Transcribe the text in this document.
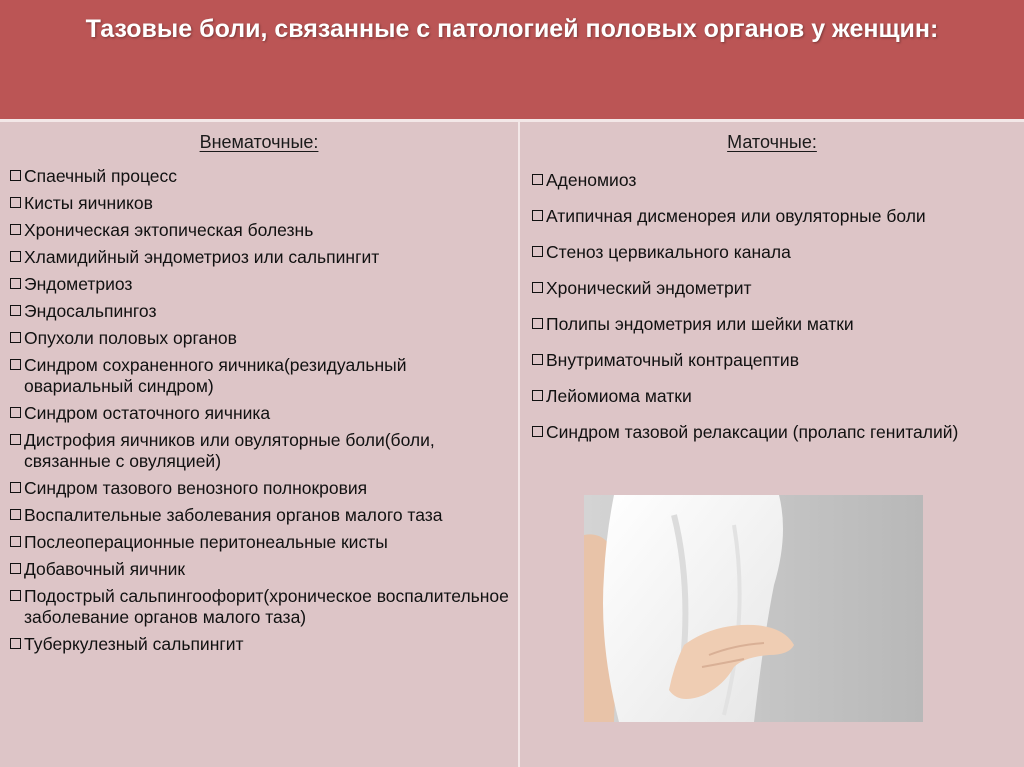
Тазовые боли, связанные с патологией половых органов у женщин:
Внематочные:
Спаечный процесс
Кисты яичников
Хроническая эктопическая болезнь
Хламидийный эндометриоз или сальпингит
Эндометриоз
Эндосальпингоз
Опухоли половых органов
Синдром сохраненного яичника(резидуальный овариальный синдром)
Синдром остаточного яичника
Дистрофия яичников или овуляторные боли(боли, связанные с овуляцией)
Синдром тазового венозного полнокровия
Воспалительные заболевания органов малого таза
Послеоперационные перитонеальные кисты
Добавочный яичник
Подострый сальпингоофорит(хроническое воспалительное заболевание органов малого таза)
Туберкулезный сальпингит
Маточные:
Аденомиоз
Атипичная дисменорея или овуляторные боли
Стеноз цервикального канала
Хронический эндометрит
Полипы эндометрия или шейки матки
Внутриматочный контрацептив
Лейомиома матки
Синдром тазовой релаксации (пролапс гениталий)
